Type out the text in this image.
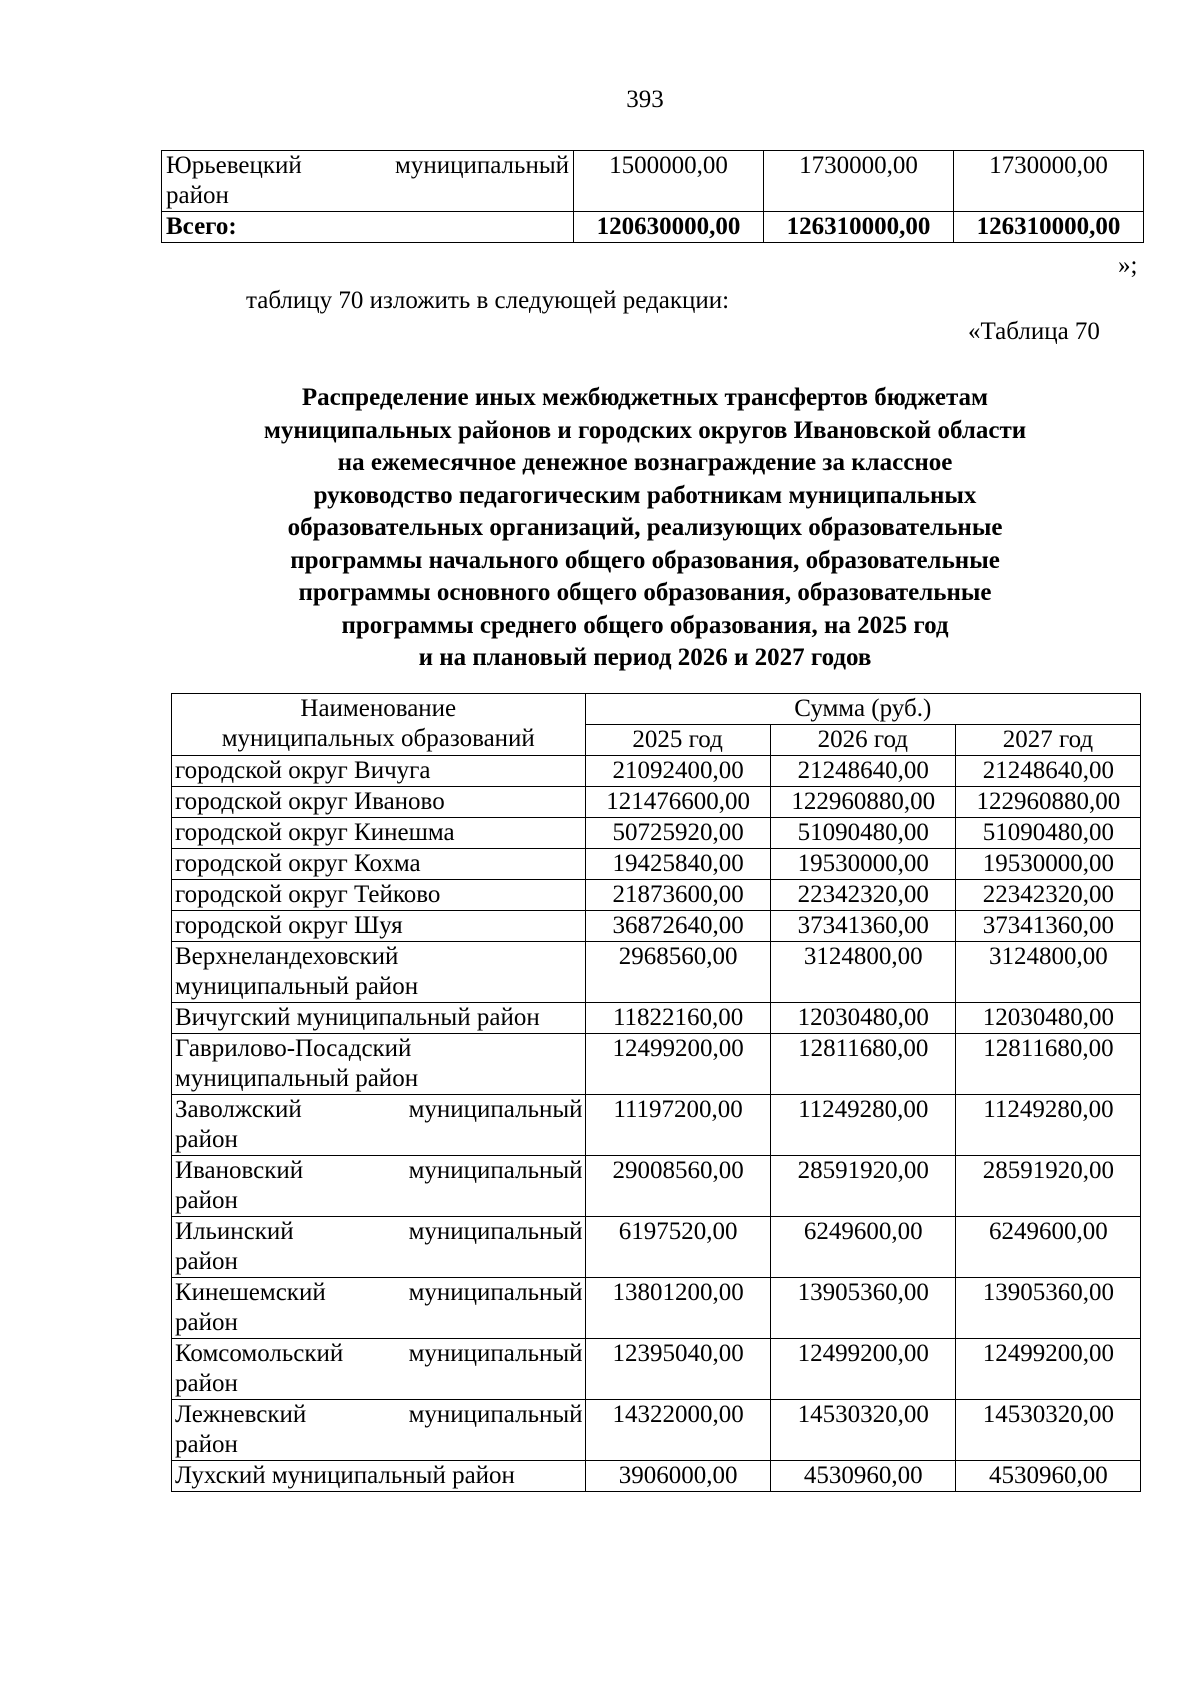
393
Юрьевецкий муниципальный
район	1500000,00	1730000,00	1730000,00
Всего:	120630000,00	126310000,00	126310000,00
»;
таблицу 70 изложить в следующей редакции:
«Таблица 70
Распределение иных межбюджетных трансфертов бюджетам
муниципальных районов и городских округов Ивановской области
на ежемесячное денежное вознаграждение за классное
руководство педагогическим работникам муниципальных
образовательных организаций, реализующих образовательные
программы начального общего образования, образовательные
программы основного общего образования, образовательные
программы среднего общего образования, на 2025 год
и на плановый период 2026 и 2027 годов
Наименование
муниципальных образований	Сумма (руб.)		
	2025 год	2026 год	2027 год

городской округ Вичуга	21092400,00	21248640,00	21248640,00

городской округ Иваново	121476600,00	122960880,00	122960880,00

городской округ Кинешма	50725920,00	51090480,00	51090480,00

городской округ Кохма	19425840,00	19530000,00	19530000,00

городской округ Тейково	21873600,00	22342320,00	22342320,00

городской округ Шуя	36872640,00	37341360,00	37341360,00

Верхнеландеховский
муниципальный район	2968560,00	3124800,00	3124800,00

Вичугский муниципальный район	11822160,00	12030480,00	12030480,00

Гаврилово-Посадский
муниципальный район	12499200,00	12811680,00	12811680,00

Заволжский муниципальный
район	11197200,00	11249280,00	11249280,00

Ивановский муниципальный
район	29008560,00	28591920,00	28591920,00

Ильинский муниципальный
район	6197520,00	6249600,00	6249600,00

Кинешемский муниципальный
район	13801200,00	13905360,00	13905360,00

Комсомольский муниципальный
район	12395040,00	12499200,00	12499200,00

Лежневский муниципальный
район	14322000,00	14530320,00	14530320,00

Лухский муниципальный район	3906000,00	4530960,00	4530960,00
